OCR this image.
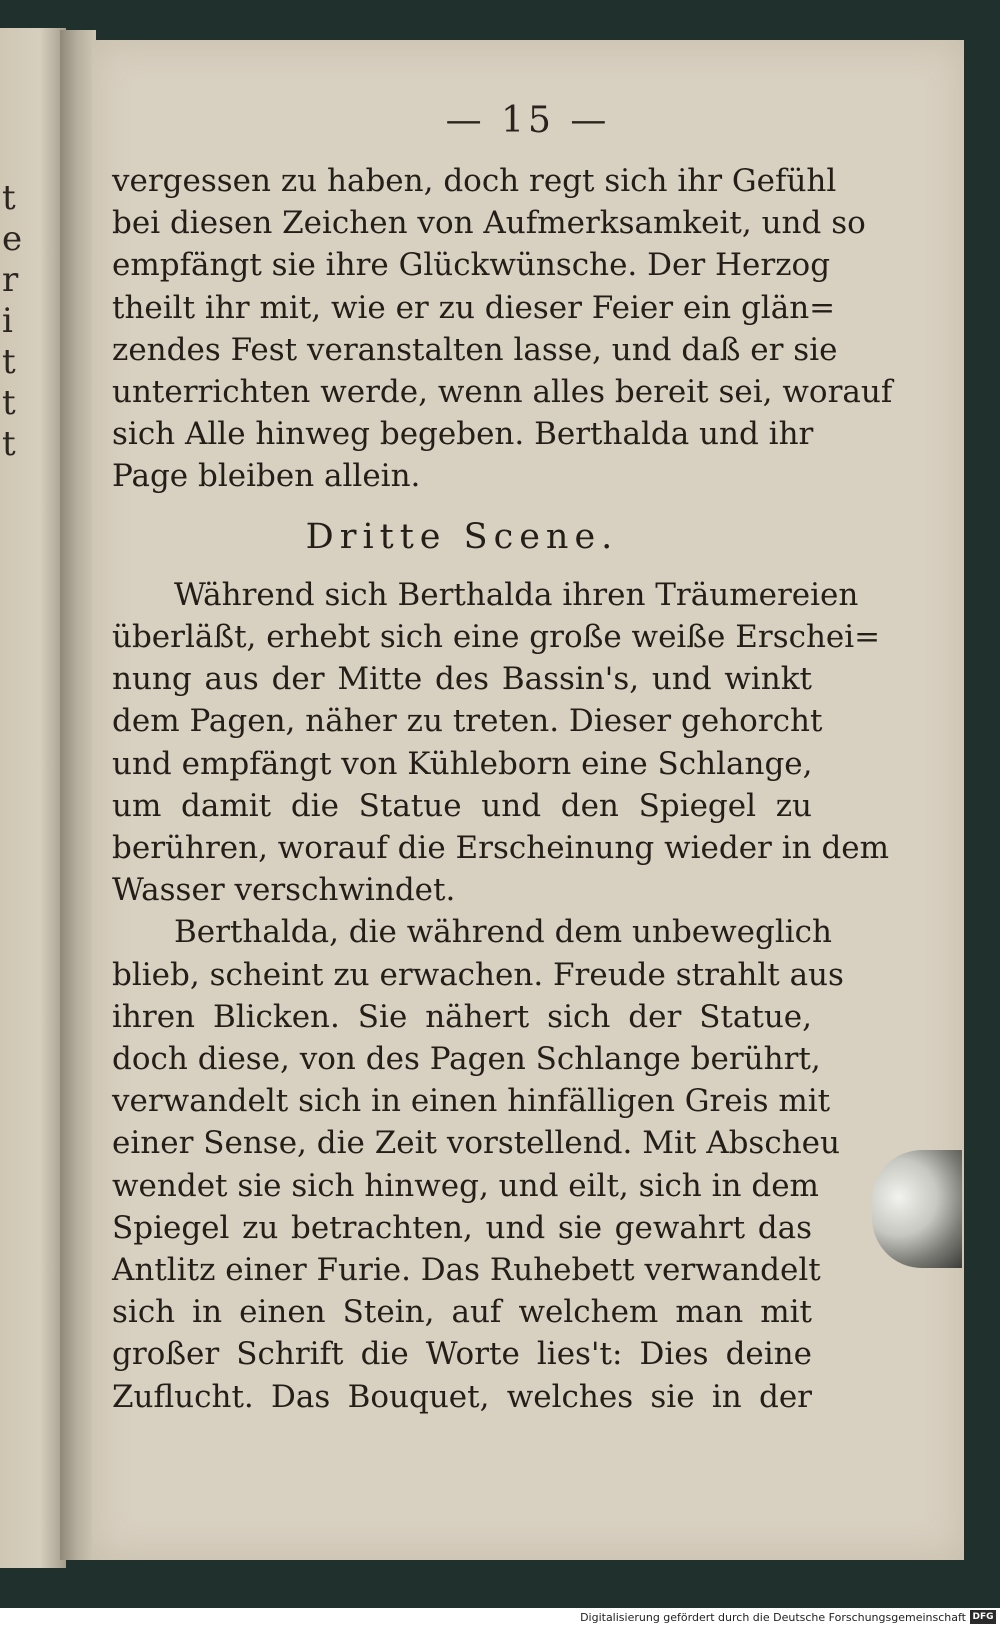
t
e
r
i
t
t
t
— 15 —
vergessen zu haben, doch regt sich ihr Gefühl
bei diesen Zeichen von Aufmerksamkeit, und so
empfängt sie ihre Glückwünsche. Der Herzog
theilt ihr mit, wie er zu dieser Feier ein glän=
zendes Fest veranstalten lasse, und daß er sie
unterrichten werde, wenn alles bereit sei, worauf
sich Alle hinweg begeben. Berthalda und ihr
Page bleiben allein.
Dritte Scene.
Während sich Berthalda ihren Träumereien
überläßt, erhebt sich eine große weiße Erschei=
nung aus der Mitte des Bassin's, und winkt
dem Pagen, näher zu treten. Dieser gehorcht
und empfängt von Kühleborn eine Schlange,
um damit die Statue und den Spiegel zu
berühren, worauf die Erscheinung wieder in dem
Wasser verschwindet.
Berthalda, die während dem unbeweglich
blieb, scheint zu erwachen. Freude strahlt aus
ihren Blicken. Sie nähert sich der Statue,
doch diese, von des Pagen Schlange berührt,
verwandelt sich in einen hinfälligen Greis mit
einer Sense, die Zeit vorstellend. Mit Abscheu
wendet sie sich hinweg, und eilt, sich in dem
Spiegel zu betrachten, und sie gewahrt das
Antlitz einer Furie. Das Ruhebett verwandelt
sich in einen Stein, auf welchem man mit
großer Schrift die Worte lies't: Dies deine
Zuflucht. Das Bouquet, welches sie in der
Digitalisierung gefördert durch die Deutsche Forschungsgemeinschaft DFG
